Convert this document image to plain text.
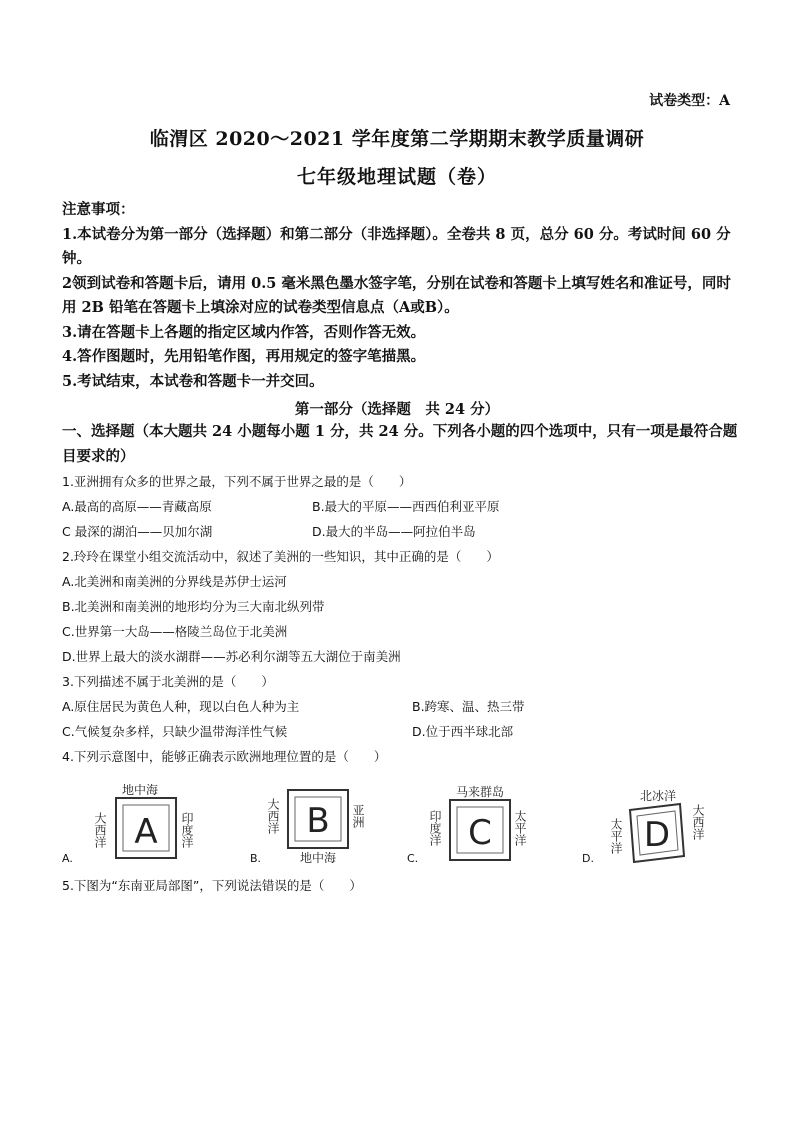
试卷类型：A
临渭区 2020～2021 学年度第二学期期末教学质量调研
七年级地理试题（卷）

注意事项：

1.本试卷分为第一部分（选择题）和第二部分（非选择题）。全卷共 8 页，总分 60 分。考试时间 60 分钟。

2领到试卷和答题卡后，请用 0.5 毫米黑色墨水签字笔，分别在试卷和答题卡上填写姓名和准证号，同时用 2B 铅笔在答题卡上填涂对应的试卷类型信息点（A或B）。

3.请在答题卡上各题的指定区域内作答，否则作答无效。

4.答作图题时，先用铅笔作图，再用规定的签字笔描黑。

5.考试结束，本试卷和答题卡一并交回。

第一部分（选择题　共 24 分）
一、选择题（本大题共 24 小题每小题 1 分，共 24 分。下列各小题的四个选项中，只有一项是最符合题目要求的）
1.亚洲拥有众多的世界之最，下列不属于世界之最的是（　　）
A.最高的高原——青藏高原	B.最大的平原——西西伯利亚平原
C 最深的湖泊——贝加尔湖	D.最大的半岛——阿拉伯半岛
2.玲玲在课堂小组交流活动中，叙述了美洲的一些知识，其中正确的是（　　）
A.北美洲和南美洲的分界线是苏伊士运河
B.北美洲和南美洲的地形均分为三大南北纵列带
C.世界第一大岛——格陵兰岛位于北美洲
D.世界上最大的淡水湖群——苏必利尔湖等五大湖位于南美洲
3.下列描述不属于北美洲的是（　　）
A.原住居民为黄色人种，现以白色人种为主	B.跨寒、温、热三带
C.气候复杂多样，只缺少温带海洋性气候	D.位于西半球北部
4.下列示意图中，能够正确表示欧洲地理位置的是（　　）
A.
A
地中海
大西洋	印度洋
B.
B
大西洋	亚洲
地中海	C.
C
马来群岛
印度洋	太平洋
D.
D
北冰洋
太平洋	大西洋
5.下图为“东南亚局部图”，下列说法错误的是（　　）
